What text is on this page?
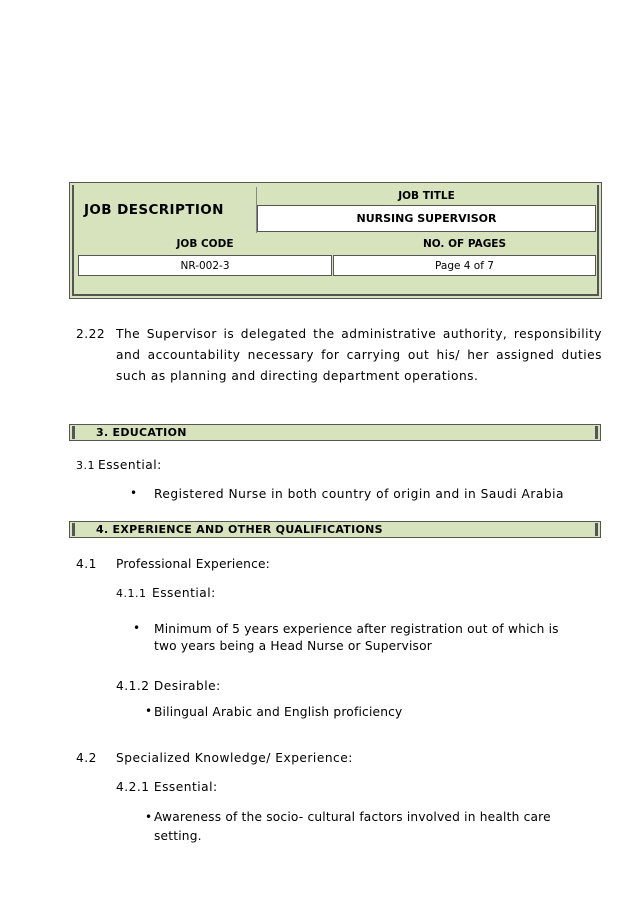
JOB DESCRIPTION
JOB TITLE
NURSING SUPERVISOR
JOB CODE	NO. OF PAGES
NR-002-3	Page 4 of 7
2.22 The Supervisor is delegated the administrative authority, responsibility
and accountability necessary for carrying out his/ her assigned duties
such as planning and directing department operations.
3. EDUCATION
3.1 Essential:
• Registered Nurse in both country of origin and in Saudi Arabia
4. EXPERIENCE AND OTHER QUALIFICATIONS
4.1 Professional Experience:
4.1.1 Essential:
• Minimum of 5 years experience after registration out of which is
two years being a Head Nurse or Supervisor
4.1.2 Desirable:
• Bilingual Arabic and English proficiency
4.2 Specialized Knowledge/ Experience:
4.2.1 Essential:
• Awareness of the socio- cultural factors involved in health care
setting.
